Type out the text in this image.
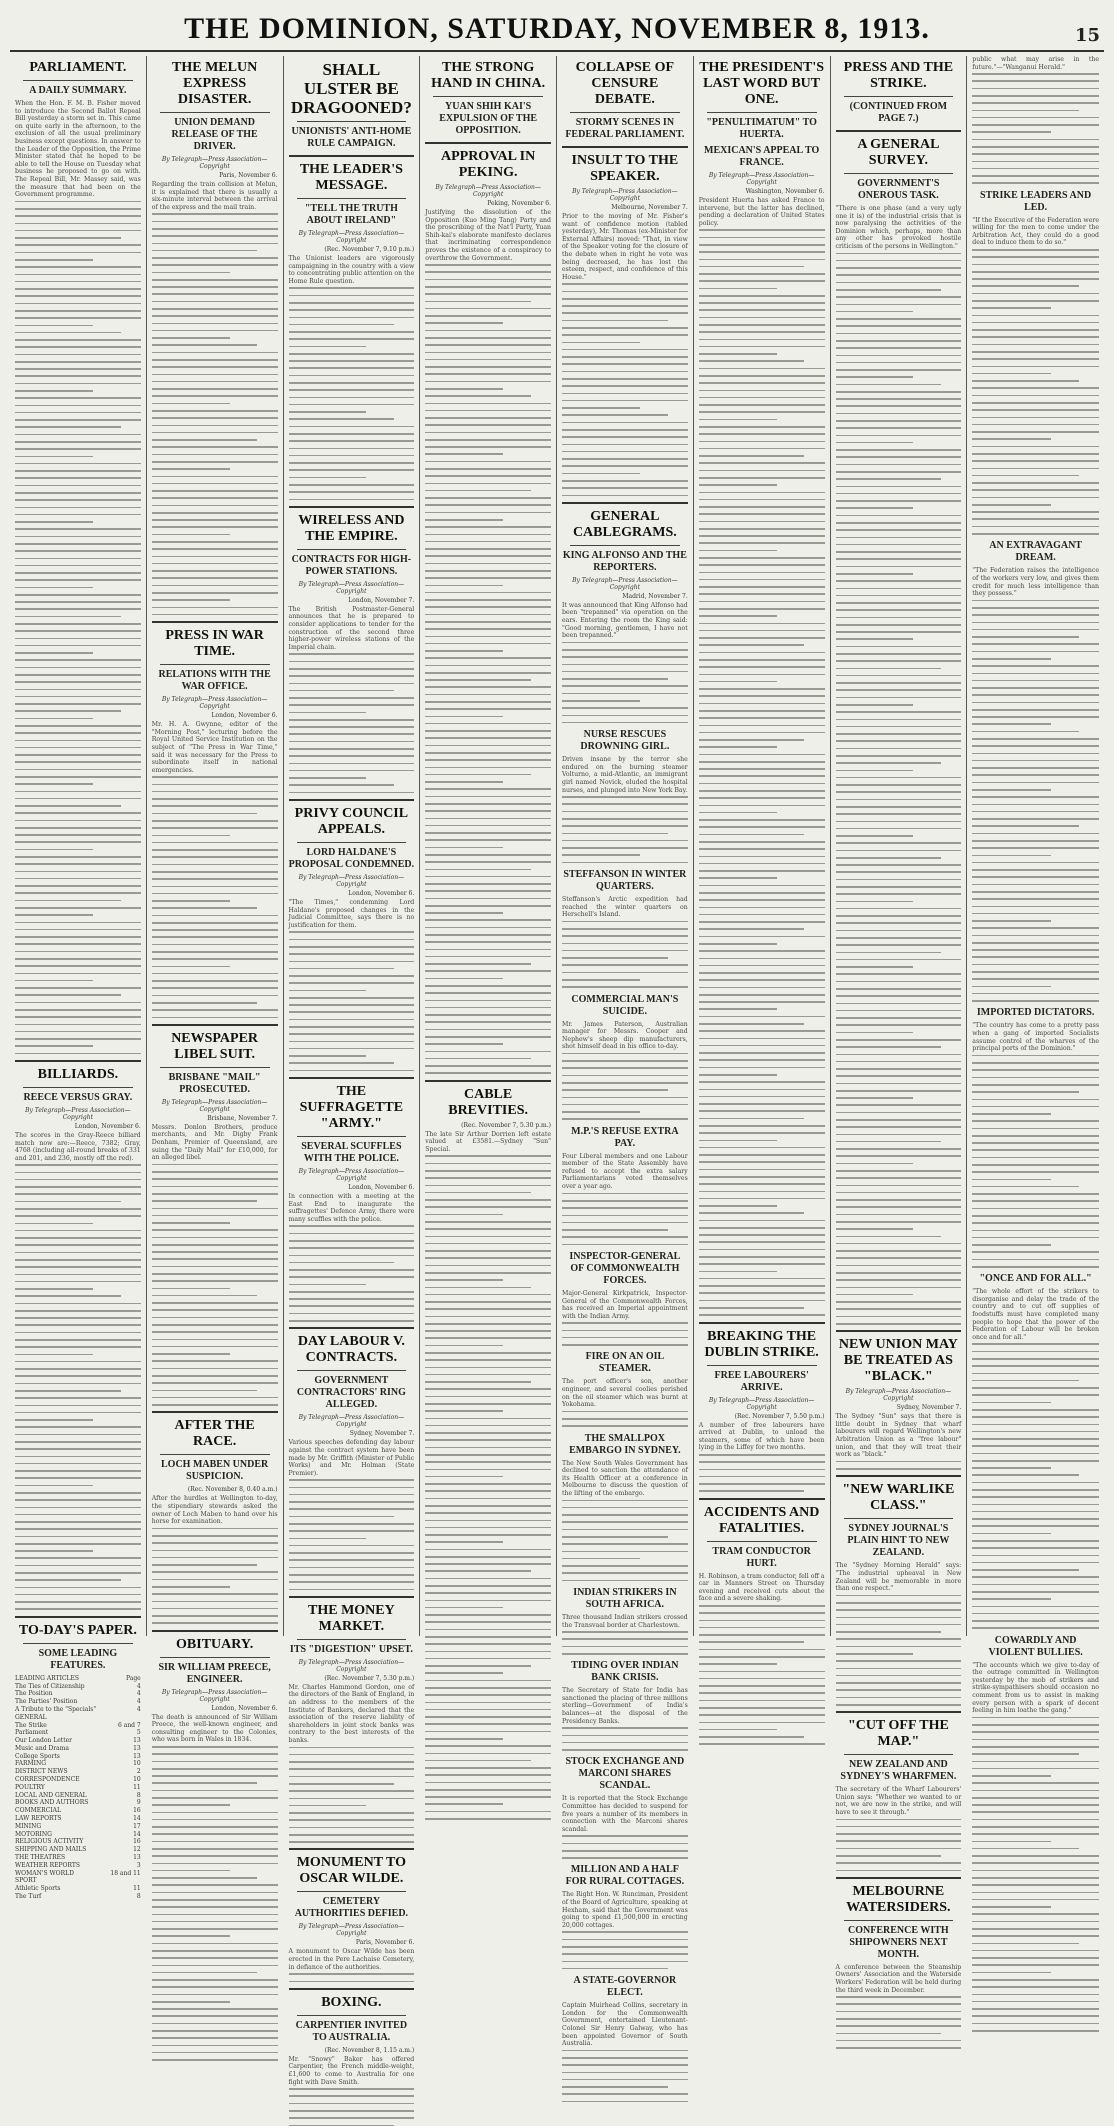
THE DOMINION, SATURDAY, NOVEMBER 8, 1913.	15
PARLIAMENT.
A DAILY SUMMARY.
When the Hon. F. M. B. Fisher moved to introduce the Second Ballot Repeal Bill yesterday a storm set in. This came on quite early in the afternoon, to the exclusion of all the usual preliminary business except questions. In answer to the Leader of the Opposition, the Prime Minister stated that he hoped to be able to tell the House on Tuesday what business he proposed to go on with. The Repeal Bill, Mr. Massey said, was the measure that had been on the Government programme.
BILLIARDS.
REECE VERSUS GRAY.
By Telegraph—Press Association—Copyright
London, November 6.
The scores in the Gray-Reece billiard match now are:—Reece, 7382; Gray, 4768 (including all-round breaks of 331 and 201, and 236, mostly off the red).
TO-DAY'S PAPER.
SOME LEADING FEATURES.
LEADING ARTICLES	Page
The Ties of Citizenship	4
The Position	4
The Parties' Position	4
A Tribute to the "Specials"	4
GENERAL
The Strike	6 and 7
Parliament	5
Our London Letter	13
Music and Drama	13
College Sports	13
FARMING	10
DISTRICT NEWS	2
CORRESPONDENCE	10
POULTRY	11
LOCAL AND GENERAL	8
BOOKS AND AUTHORS	9
COMMERCIAL	16
LAW REPORTS	14
MINING	17
MOTORING	14
RELIGIOUS ACTIVITY	16
SHIPPING AND MAILS	12
THE THEATRES	13
WEATHER REPORTS	3
WOMAN'S WORLD	18 and 11
SPORT
Athletic Sports	11
The Turf	8
THE MELUN EXPRESS DISASTER.
UNION DEMAND RELEASE OF THE DRIVER.
By Telegraph—Press Association—Copyright
Paris, November 6.
Regarding the train collision at Melun, it is explained that there is usually a six-minute interval between the arrival of the express and the mail train.
PRESS IN WAR TIME.
RELATIONS WITH THE WAR OFFICE.
By Telegraph—Press Association—Copyright
London, November 6.
Mr. H. A. Gwynne, editor of the "Morning Post," lecturing before the Royal United Service Institution on the subject of "The Press in War Time," said it was necessary for the Press to subordinate itself in national emergencies.
NEWSPAPER LIBEL SUIT.
BRISBANE "MAIL" PROSECUTED.
By Telegraph—Press Association—Copyright
Brisbane, November 7.
Messrs. Donlon Brothers, produce merchants, and Mr. Digby Frank Denham, Premier of Queensland, are suing the "Daily Mail" for £10,000, for an alleged libel.
AFTER THE RACE.
LOCH MABEN UNDER SUSPICION.
(Rec. November 8, 0.40 a.m.)
After the hurdles at Wellington to-day, the stipendiary stewards asked the owner of Loch Maben to hand over his horse for examination.
OBITUARY.
SIR WILLIAM PREECE, ENGINEER.
By Telegraph—Press Association—Copyright
London, November 6.
The death is announced of Sir William Preece, the well-known engineer, and consulting engineer to the Colonies, who was born in Wales in 1834.
SHALL ULSTER BE DRAGOONED?
UNIONISTS' ANTI-HOME RULE CAMPAIGN.
THE LEADER'S MESSAGE.
"TELL THE TRUTH ABOUT IRELAND"
By Telegraph—Press Association—Copyright
(Rec. November 7, 9.10 p.m.)
The Unionist leaders are vigorously campaigning in the country with a view to concentrating public attention on the Home Rule question.
WIRELESS AND THE EMPIRE.
CONTRACTS FOR HIGH-POWER STATIONS.
By Telegraph—Press Association—Copyright
London, November 7.
The British Postmaster-General announces that he is prepared to consider applications to tender for the construction of the second three higher-power wireless stations of the Imperial chain.
PRIVY COUNCIL APPEALS.
LORD HALDANE'S PROPOSAL CONDEMNED.
By Telegraph—Press Association—Copyright
London, November 6.
"The Times," condemning Lord Haldane's proposed changes in the Judicial Committee, says there is no justification for them.
THE SUFFRAGETTE "ARMY."
SEVERAL SCUFFLES WITH THE POLICE.
By Telegraph—Press Association—Copyright
London, November 6.
In connection with a meeting at the East End to inaugurate the suffragettes' Defence Army, there were many scuffles with the police.
DAY LABOUR V. CONTRACTS.
GOVERNMENT CONTRACTORS' RING ALLEGED.
By Telegraph—Press Association—Copyright
Sydney, November 7.
Various speeches defending day labour against the contract system have been made by Mr. Griffith (Minister of Public Works) and Mr. Holman (State Premier).
THE MONEY MARKET.
ITS "DIGESTION" UPSET.
By Telegraph—Press Association—Copyright
(Rec. November 7, 5.30 p.m.)
Mr. Charles Hammond Gordon, one of the directors of the Bank of England, in an address to the members of the Institute of Bankers, declared that the association of the reserve liability of shareholders in joint stock banks was contrary to the best interests of the banks.
MONUMENT TO OSCAR WILDE.
CEMETERY AUTHORITIES DEFIED.
By Telegraph—Press Association—Copyright
Paris, November 6.
A monument to Oscar Wilde has been erected in the Pere Lachaise Cemetery, in defiance of the authorities.
BOXING.
CARPENTIER INVITED TO AUSTRALIA.
(Rec. November 8, 1.15 a.m.)
Mr. "Snowy" Baker has offered Carpentier, the French middle-weight, £1,600 to come to Australia for one fight with Dave Smith.
THE STRONG HAND IN CHINA.
YUAN SHIH KAI'S EXPULSION OF THE OPPOSITION.
APPROVAL IN PEKING.
By Telegraph—Press Association—Copyright
Peking, November 6.
Justifying the dissolution of the Opposition (Kuo Ming Tang) Party and the proscribing of the Nat'l Party, Yuan Shih-kai's elaborate manifesto declares that incriminating correspondence proves the existence of a conspiracy to overthrow the Government.
CABLE BREVITIES.
(Rec. November 7, 5.30 p.m.)
The late Sir Arthur Dorrien left estate valued at £3581.—Sydney "Sun" Special.
COLLAPSE OF CENSURE DEBATE.
STORMY SCENES IN FEDERAL PARLIAMENT.
INSULT TO THE SPEAKER.
By Telegraph—Press Association—Copyright
Melbourne, November 7.
Prior to the moving of Mr. Fisher's want of confidence motion (tabled yesterday), Mr. Thomas (ex-Minister for External Affairs) moved: "That, in view of the Speaker voting for the closure of the debate when in right he vote was being decreased, he has lost the esteem, respect, and confidence of this House."
GENERAL CABLEGRAMS.
KING ALFONSO AND THE REPORTERS.
By Telegraph—Press Association—Copyright
Madrid, November 7.
It was announced that King Alfonso had been "trepanned" via operation on the ears. Entering the room the King said: "Good morning, gentlemen, I have not been trepanned."
NURSE RESCUES DROWNING GIRL.
Driven insane by the terror she endured on the burning steamer Volturno, a mid-Atlantic, an immigrant girl named Novick, eluded the hospital nurses, and plunged into New York Bay.
STEFFANSON IN WINTER QUARTERS.
Steffanson's Arctic expedition had reached the winter quarters on Herschell's Island.
COMMERCIAL MAN'S SUICIDE.
Mr. James Paterson, Australian manager for Messrs. Cooper and Nephew's sheep dip manufacturers, shot himself dead in his office to-day.
M.P.'S REFUSE EXTRA PAY.
Four Liberal members and one Labour member of the State Assembly have refused to accept the extra salary Parliamentarians voted themselves over a year ago.
INSPECTOR-GENERAL OF COMMONWEALTH FORCES.
Major-General Kirkpatrick, Inspector-General of the Commonwealth Forces, has received an Imperial appointment with the Indian Army.
FIRE ON AN OIL STEAMER.
The port officer's son, another engineer, and several coolies perished on the oil steamer which was burnt at Yokohama.
THE SMALLPOX EMBARGO IN SYDNEY.
The New South Wales Government has declined to sanction the attendance of its Health Officer at a conference in Melbourne to discuss the question of the lifting of the embargo.
INDIAN STRIKERS IN SOUTH AFRICA.
Three thousand Indian strikers crossed the Transvaal border at Charlestown.
TIDING OVER INDIAN BANK CRISIS.
The Secretary of State for India has sanctioned the placing of three millions sterling—Government of India's balances—at the disposal of the Presidency Banks.
STOCK EXCHANGE AND MARCONI SHARES SCANDAL.
It is reported that the Stock Exchange Committee has decided to suspend for five years a number of its members in connection with the Marconi shares scandal.
MILLION AND A HALF FOR RURAL COTTAGES.
The Right Hon. W. Runciman, President of the Board of Agriculture, speaking at Hexham, said that the Government was going to spend £1,500,000 in erecting 20,000 cottages.
A STATE-GOVERNOR ELECT.
Captain Muirhead Collins, secretary in London for the Commonwealth Government, entertained Lieutenant-Colonel Sir Henry Galway, who has been appointed Governor of South Australia.
THE PRESIDENT'S LAST WORD BUT ONE.
"PENULTIMATUM" TO HUERTA.
MEXICAN'S APPEAL TO FRANCE.
By Telegraph—Press Association—Copyright
Washington, November 6.
President Huerta has asked France to intervene, but the latter has declined, pending a declaration of United States policy.
BREAKING THE DUBLIN STRIKE.
FREE LABOURERS' ARRIVE.
By Telegraph—Press Association—Copyright
(Rec. November 7, 5.50 p.m.)
A number of free labourers have arrived at Dublin, to unload the steamers, some of which have been lying in the Liffey for two months.
ACCIDENTS AND FATALITIES.
TRAM CONDUCTOR HURT.
H. Robinson, a tram conductor, fell off a car in Manners Street on Thursday evening and received cuts about the face and a severe shaking.
PRESS AND THE STRIKE.
(CONTINUED FROM PAGE 7.)
A GENERAL SURVEY.
GOVERNMENT'S ONEROUS TASK.
"There is one phase (and a very ugly one it is) of the industrial crisis that is now paralysing the activities of the Dominion which, perhaps, more than any other has provoked hostile criticism of the persons in Wellington."
NEW UNION MAY BE TREATED AS "BLACK."
By Telegraph—Press Association—Copyright
Sydney, November 7.
The Sydney "Sun" says that there is little doubt in Sydney that wharf labourers will regard Wellington's new Arbitration Union as a "free labour" union, and that they will treat their work as "black."
"NEW WARLIKE CLASS."
SYDNEY JOURNAL'S PLAIN HINT TO NEW ZEALAND.
The "Sydney Morning Herald" says: "The industrial upheaval in New Zealand will be memorable in more than one respect."
"CUT OFF THE MAP."
NEW ZEALAND AND SYDNEY'S WHARFMEN.
The secretary of the Wharf Labourers' Union says: "Whether we wanted to or not, we are now in the strike, and will have to see it through."
MELBOURNE WATERSIDERS.
CONFERENCE WITH SHIPOWNERS NEXT MONTH.
A conference between the Steamship Owners' Association and the Waterside Workers' Federation will be held during the third week in December.
public what may arise in the future."—"Wanganui Herald."
STRIKE LEADERS AND LED.
"If the Executive of the Federation were willing for the men to come under the Arbitration Act, they could do a good deal to induce them to do so."
AN EXTRAVAGANT DREAM.
"The Federation raises the intelligence of the workers very low, and gives them credit for much less intelligence than they possess."
IMPORTED DICTATORS.
"The country has come to a pretty pass when a gang of imported Socialists assume control of the wharves of the principal ports of the Dominion."
"ONCE AND FOR ALL."
"The whole effort of the strikers to disorganise and delay the trade of the country and to cut off supplies of foodstuffs must have completed many people to hope that the power of the Federation of Labour will be broken once and for all."
COWARDLY AND VIOLENT BULLIES.
"The accounts which we give to-day of the outrage committed in Wellington yesterday by the mob of strikers and strike-sympathisers should occasion no comment from us to assist in making every person with a spark of decent feeling in him loathe the gang."
